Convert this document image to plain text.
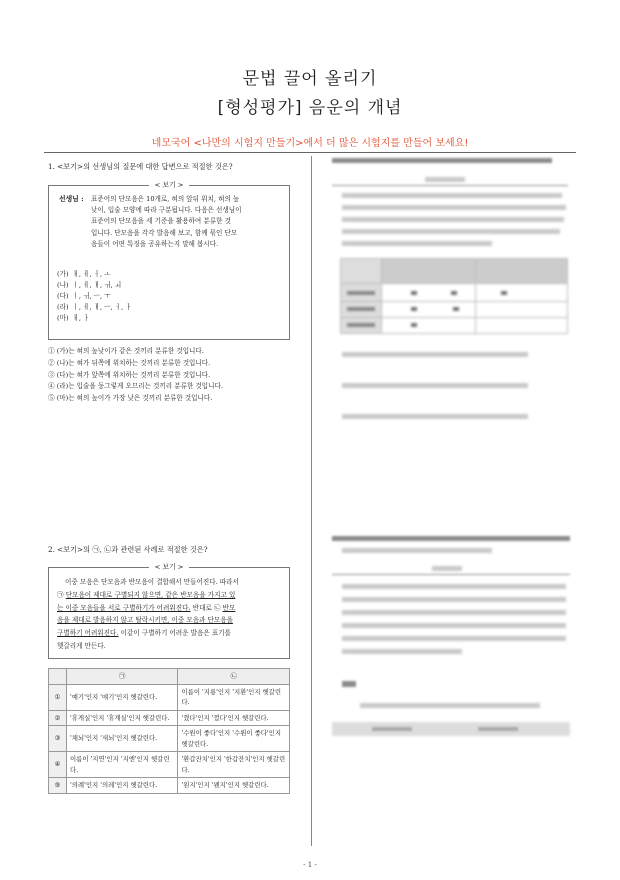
문법 끌어 올리기
[형성평가] 음운의 개념
네모국어 <나만의 시험지 만들기>에서 더 많은 시험지를 만들어 보세요!
1. <보기>의 선생님의 질문에 대한 답변으로 적절한 것은?
< 보기 >
선생님 : 표준어의 단모음은 10개로, 혀의 앞뒤 위치, 혀의 높
낮이, 입술 모양에 따라 구분됩니다. 다음은 선생님이
표준어의 단모음을 세 기준을 활용하여 분류한 것
입니다. 단모음을 각각 발음해 보고, 함께 묶인 단모
음들이 어떤 특징을 공유하는지 말해 봅시다.
(가) ㅐ, ㅔ, ㅓ, ㅗ
(나) ㅣ, ㅔ, ㅐ, ㅟ, ㅚ
(다) ㅣ, ㅟ, ㅡ, ㅜ
(라) ㅣ, ㅔ, ㅐ, ㅡ, ㅓ, ㅏ
(마) ㅐ, ㅏ
① (가)는 혀의 높낮이가 같은 것끼리 분류한 것입니다.
② (나)는 혀가 뒤쪽에 위치하는 것끼리 분류한 것입니다.
③ (다)는 혀가 앞쪽에 위치하는 것끼리 분류한 것입니다.
④ (라)는 입술을 둥그렇게 오므리는 것끼리 분류한 것입니다.
⑤ (마)는 혀의 높이가 가장 낮은 것끼리 분류한 것입니다.
2. <보기>의 ㉠, ㉡과 관련된 사례로 적절한 것은?
< 보기 >
이중 모음은 단모음과 반모음이 결합해서 만들어진다. 따라서
㉠ 단모음이 제대로 구별되지 않으면, 같은 반모음을 가지고 있
는 이중 모음들을 서로 구별하기가 어려워진다. 반대로 ㉡ 반모
음을 제대로 발음하지 않고 탈락시키면, 이중 모음과 단모음을
구별하기 어려워진다. 이같이 구별하기 어려운 발음은 표기를
헷갈리게 만든다.
	㉠	㉡
①	'예기'인지 '얘기'인지 헷갈린다.	이름이 '지룡'인지 '지환'인지 헷갈린다.
②	'휴게실'인지 '휴계실'인지 헷갈린다.	'꼈다'인지 '껐다'인지 헷갈린다.
③	'채뇌'인지 '새뇌'인지 헷갈린다.	'수원이 좋다'인지 '수뤈이 좋다'인지 헷갈린다.
④	이름이 '지연'인지 '지엔'인지 헷갈린다.	'환갑잔치'인지 '한갑잔치'인지 헷갈린다.
⑤	'의례'인지 '의레'인지 헷갈린다.	'왼지'인지 '웬지'인지 헷갈린다.
- 1 -
